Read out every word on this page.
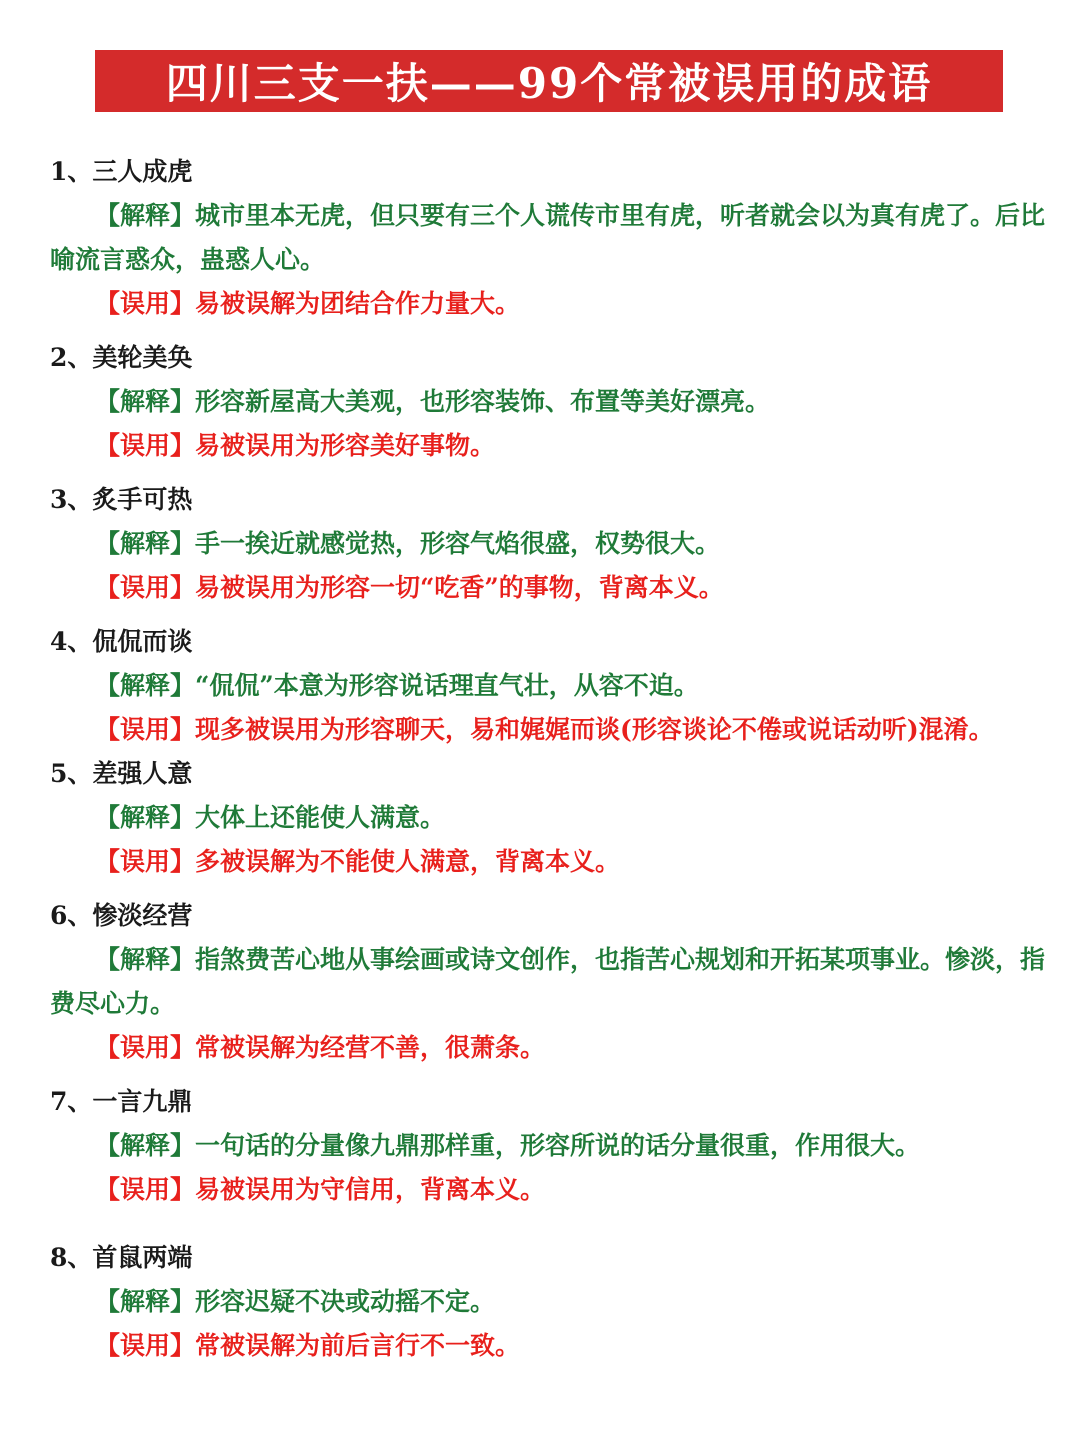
四川三支一扶——99个常被误用的成语
1、三人成虎

【解释】城市里本无虎，但只要有三个人谎传市里有虎，听者就会以为真有虎了。后比喻流言惑众，蛊惑人心。

【误用】易被误解为团结合作力量大。

2、美轮美奂

【解释】形容新屋高大美观，也形容装饰、布置等美好漂亮。

【误用】易被误用为形容美好事物。

3、炙手可热

【解释】手一挨近就感觉热，形容气焰很盛，权势很大。

【误用】易被误用为形容一切“吃香”的事物，背离本义。

4、侃侃而谈

【解释】“侃侃”本意为形容说话理直气壮，从容不迫。

【误用】现多被误用为形容聊天，易和娓娓而谈(形容谈论不倦或说话动听)混淆。

5、差强人意

【解释】大体上还能使人满意。

【误用】多被误解为不能使人满意，背离本义。

6、惨淡经营

【解释】指煞费苦心地从事绘画或诗文创作，也指苦心规划和开拓某项事业。惨淡，指费尽心力。

【误用】常被误解为经营不善，很萧条。

7、一言九鼎

【解释】一句话的分量像九鼎那样重，形容所说的话分量很重，作用很大。

【误用】易被误用为守信用，背离本义。

8、首鼠两端

【解释】形容迟疑不决或动摇不定。

【误用】常被误解为前后言行不一致。
